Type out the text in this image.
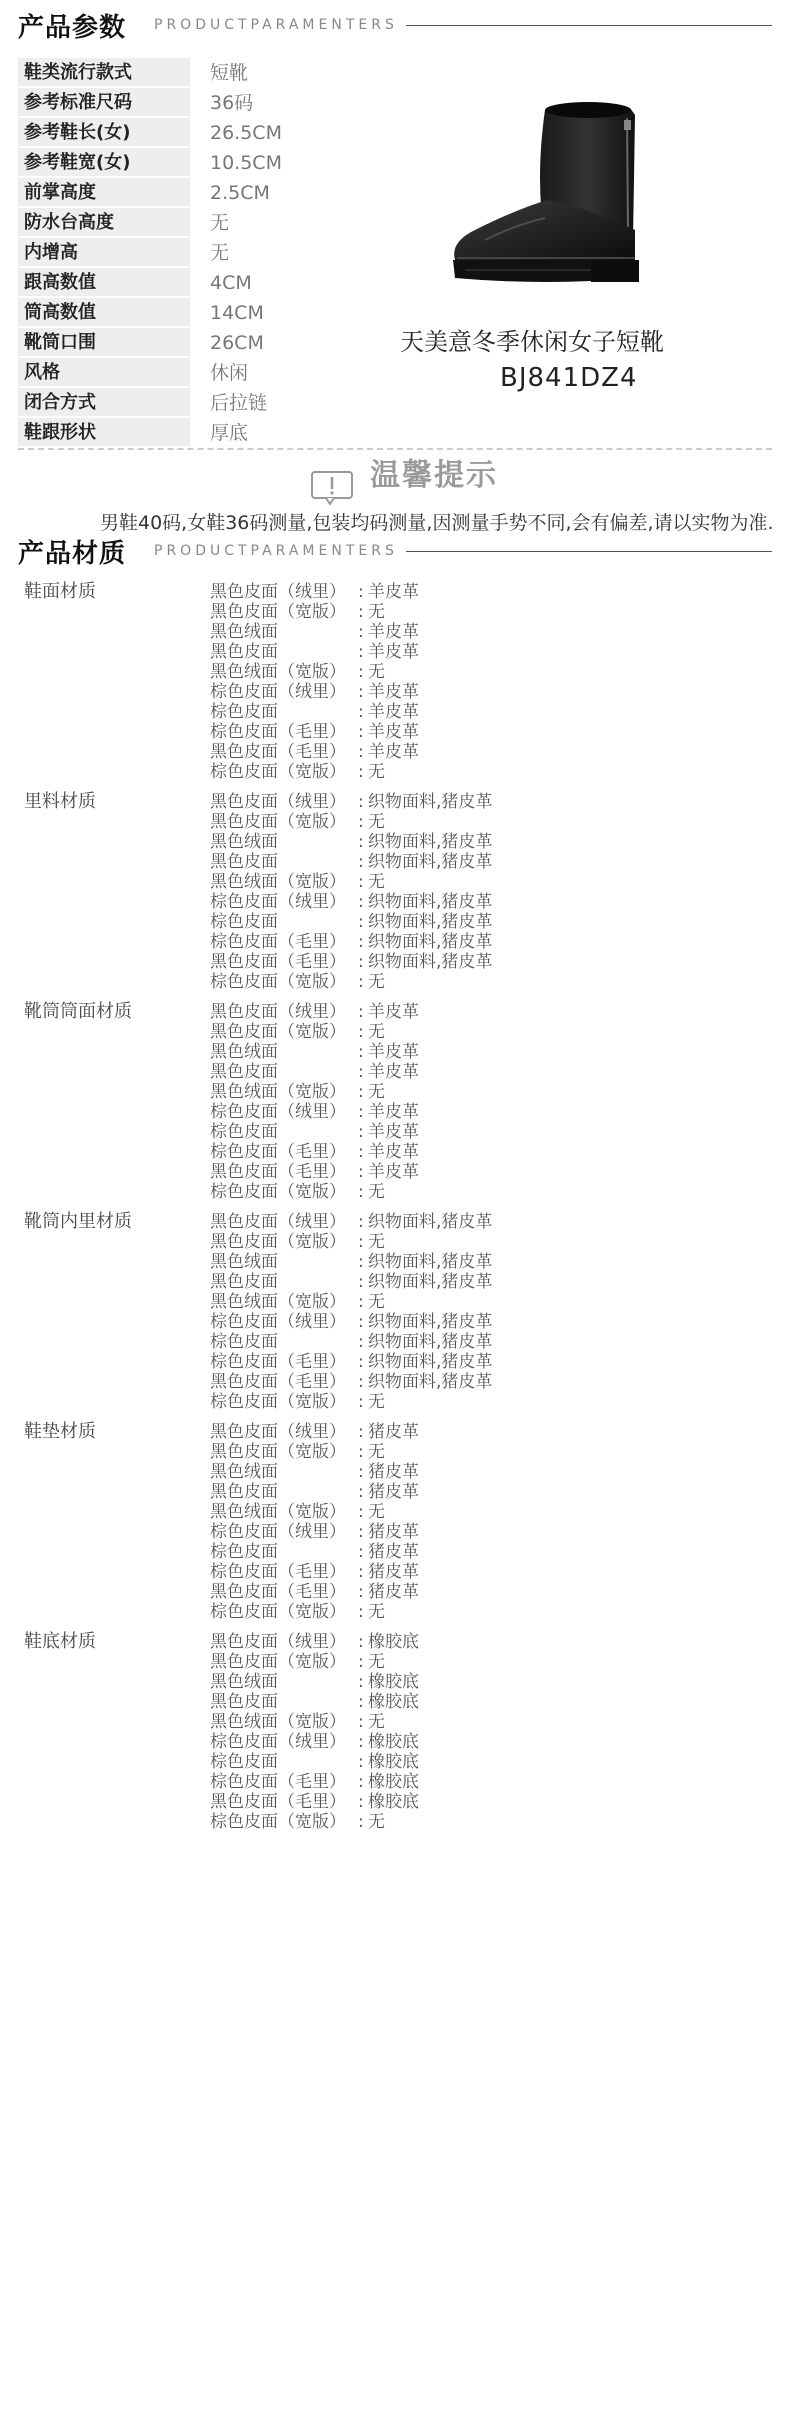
产品参数 PRODUCTPARAMENTERS
鞋类流行款式	短靴
参考标准尺码	36码
参考鞋长(女)	26.5CM
参考鞋宽(女)	10.5CM
前掌高度	2.5CM
防水台高度	无
内增高	无
跟高数值	4CM
筒高数值	14CM
靴筒口围	26CM
风格	休闲
闭合方式	后拉链
鞋跟形状	厚底
天美意冬季休闲女子短靴
BJ841DZ4
温馨提示
男鞋40码,女鞋36码测量,包装均码测量,因测量手势不同,会有偏差,请以实物为准.
产品材质 PRODUCTPARAMENTERS
鞋面材质	黑色皮面（绒里） : 羊皮革
黑色皮面（宽版） : 无
黑色绒面	: 羊皮革
黑色皮面	: 羊皮革
黑色绒面（宽版） : 无
棕色皮面（绒里） : 羊皮革
棕色皮面	: 羊皮革
棕色皮面（毛里） : 羊皮革
黑色皮面（毛里） : 羊皮革
棕色皮面（宽版） : 无
里料材质	黑色皮面（绒里） : 织物面料,猪皮革
黑色皮面（宽版） : 无
黑色绒面	: 织物面料,猪皮革
黑色皮面	: 织物面料,猪皮革
黑色绒面（宽版） : 无
棕色皮面（绒里） : 织物面料,猪皮革
棕色皮面	: 织物面料,猪皮革
棕色皮面（毛里） : 织物面料,猪皮革
黑色皮面（毛里） : 织物面料,猪皮革
棕色皮面（宽版） : 无
靴筒筒面材质	黑色皮面（绒里） : 羊皮革
黑色皮面（宽版） : 无
黑色绒面	: 羊皮革
黑色皮面	: 羊皮革
黑色绒面（宽版） : 无
棕色皮面（绒里） : 羊皮革
棕色皮面	: 羊皮革
棕色皮面（毛里） : 羊皮革
黑色皮面（毛里） : 羊皮革
棕色皮面（宽版） : 无
靴筒内里材质	黑色皮面（绒里） : 织物面料,猪皮革
黑色皮面（宽版） : 无
黑色绒面	: 织物面料,猪皮革
黑色皮面	: 织物面料,猪皮革
黑色绒面（宽版） : 无
棕色皮面（绒里） : 织物面料,猪皮革
棕色皮面	: 织物面料,猪皮革
棕色皮面（毛里） : 织物面料,猪皮革
黑色皮面（毛里） : 织物面料,猪皮革
棕色皮面（宽版） : 无
鞋垫材质	黑色皮面（绒里） : 猪皮革
黑色皮面（宽版） : 无
黑色绒面	: 猪皮革
黑色皮面	: 猪皮革
黑色绒面（宽版） : 无
棕色皮面（绒里） : 猪皮革
棕色皮面	: 猪皮革
棕色皮面（毛里） : 猪皮革
黑色皮面（毛里） : 猪皮革
棕色皮面（宽版） : 无
鞋底材质	黑色皮面（绒里） : 橡胶底
黑色皮面（宽版） : 无
黑色绒面	: 橡胶底
黑色皮面	: 橡胶底
黑色绒面（宽版） : 无
棕色皮面（绒里） : 橡胶底
棕色皮面	: 橡胶底
棕色皮面（毛里） : 橡胶底
黑色皮面（毛里） : 橡胶底
棕色皮面（宽版） : 无
